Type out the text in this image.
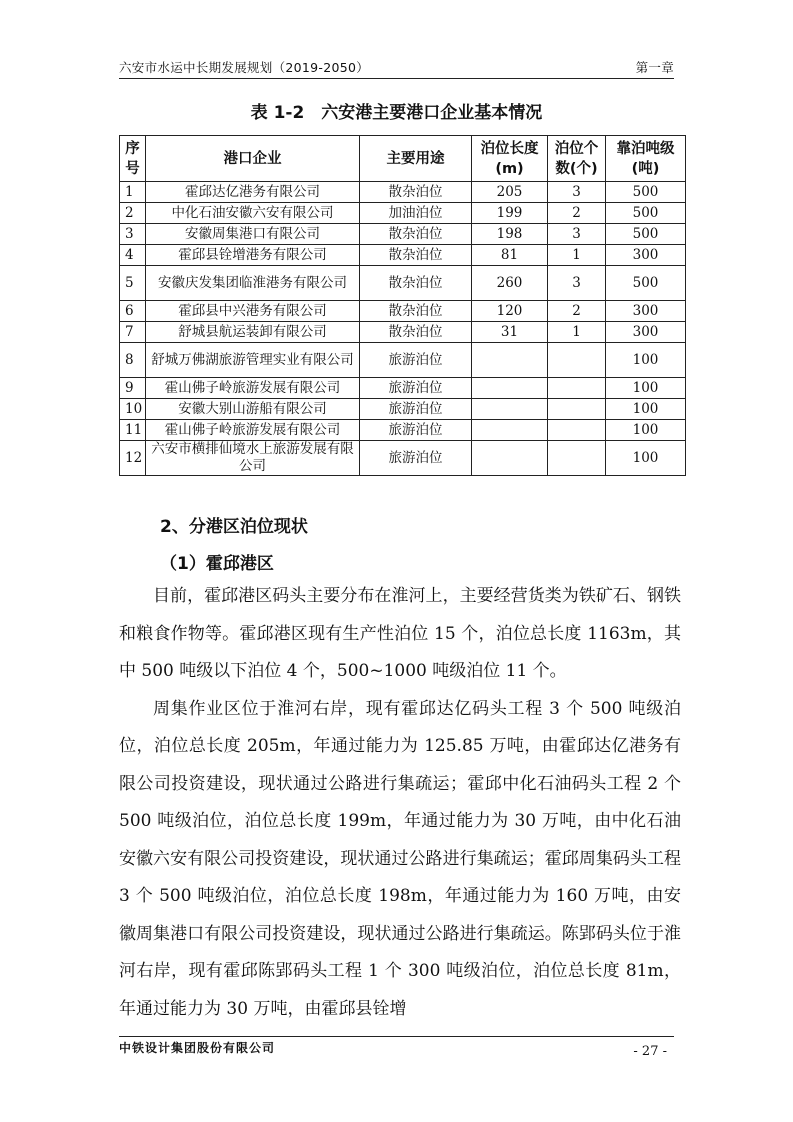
六安市水运中长期发展规划（2019-2050）	第一章
表 1-2　六安港主要港口企业基本情况
序号	港口企业	主要用途	泊位长度(m)	泊位个数(个)	靠泊吨级(吨)
1	霍邱达亿港务有限公司	散杂泊位	205	3	500
2	中化石油安徽六安有限公司	加油泊位	199	2	500
3	安徽周集港口有限公司	散杂泊位	198	3	500
4	霍邱县铨增港务有限公司	散杂泊位	81	1	300
5	安徽庆发集团临淮港务有限公司	散杂泊位	260	3	500
6	霍邱县中兴港务有限公司	散杂泊位	120	2	300
7	舒城县航运装卸有限公司	散杂泊位	31	1	300
8	舒城万佛湖旅游管理实业有限公司	旅游泊位			100
9	霍山佛子岭旅游发展有限公司	旅游泊位			100
10	安徽大别山游船有限公司	旅游泊位			100
11	霍山佛子岭旅游发展有限公司	旅游泊位			100
12	六安市横排仙境水上旅游发展有限公司	旅游泊位			100
2、分港区泊位现状
（1）霍邱港区

目前，霍邱港区码头主要分布在淮河上，主要经营货类为铁矿石、钢铁和粮食作物等。霍邱港区现有生产性泊位 15 个，泊位总长度 1163m，其中 500 吨级以下泊位 4 个，500~1000 吨级泊位 11 个。

周集作业区位于淮河右岸，现有霍邱达亿码头工程 3 个 500 吨级泊位，泊位总长度 205m，年通过能力为 125.85 万吨，由霍邱达亿港务有限公司投资建设，现状通过公路进行集疏运；霍邱中化石油码头工程 2 个 500 吨级泊位，泊位总长度 199m，年通过能力为 30 万吨，由中化石油安徽六安有限公司投资建设，现状通过公路进行集疏运；霍邱周集码头工程 3 个 500 吨级泊位，泊位总长度 198m，年通过能力为 160 万吨，由安徽周集港口有限公司投资建设，现状通过公路进行集疏运。陈郢码头位于淮河右岸，现有霍邱陈郢码头工程 1 个 300 吨级泊位，泊位总长度 81m，年通过能力为 30 万吨，由霍邱县铨增

中铁设计集团股份有限公司	- 27 -
